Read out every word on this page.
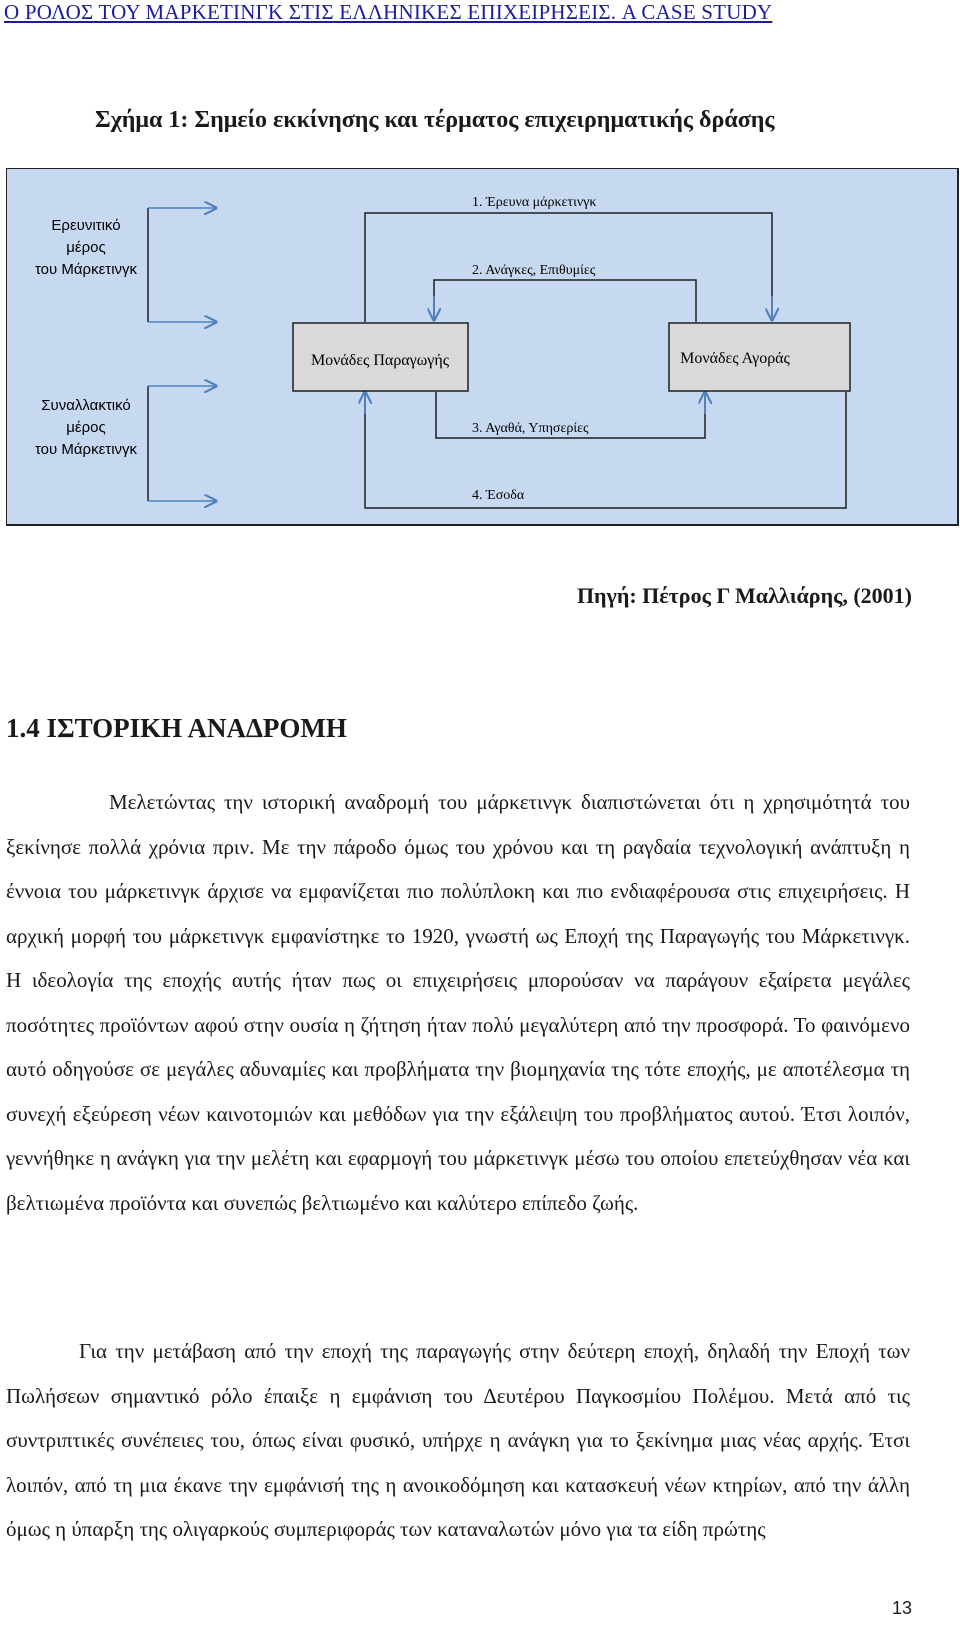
Ο ΡΟΛΟΣ ΤΟΥ ΜΑΡΚΕΤΙΝΓΚ ΣΤΙΣ ΕΛΛΗΝΙΚΕΣ ΕΠΙΧΕΙΡΗΣΕΙΣ. A CASE STUDY
Σχήμα 1: Σημείο εκκίνησης και τέρματος επιχειρηματικής δράσης
Ερευνιτικό
μέρος
του Μάρκετινγκ
Συναλλακτικό
μέρος
του Μάρκετινγκ
Μονάδες Παραγωγής	Μονάδες Αγοράς
1. Έρευνα μάρκετινγκ
2. Ανάγκες, Επιθυμίες
3. Αγαθά, Υπησερίες
4. Έσοδα
Πηγή: Πέτρος Γ Μαλλιάρης, (2001)
1.4 ΙΣΤΟΡΙΚΗ ΑΝΑΔΡΟΜΗ

Μελετώντας την ιστορική αναδρομή του μάρκετινγκ διαπιστώνεται ότι η χρησιμότητά του ξεκίνησε πολλά χρόνια πριν. Με την πάροδο όμως του χρόνου και τη ραγδαία τεχνολογική ανάπτυξη η έννοια του μάρκετινγκ άρχισε να εμφανίζεται πιο πολύπλοκη και πιο ενδιαφέρουσα στις επιχειρήσεις. Η αρχική μορφή του μάρκετινγκ εμφανίστηκε το 1920, γνωστή ως Εποχή της Παραγωγής του Μάρκετινγκ. Η ιδεολογία της εποχής αυτής ήταν πως οι επιχειρήσεις μπορούσαν να παράγουν εξαίρετα μεγάλες ποσότητες προϊόντων αφού στην ουσία η ζήτηση ήταν πολύ μεγαλύτερη από την προσφορά. Το φαινόμενο αυτό οδηγούσε σε μεγάλες αδυναμίες και προβλήματα την βιομηχανία της τότε εποχής, με αποτέλεσμα τη συνεχή εξεύρεση νέων καινοτομιών και μεθόδων για την εξάλειψη του προβλήματος αυτού. Έτσι λοιπόν, γεννήθηκε η ανάγκη για την μελέτη και εφαρμογή του μάρκετινγκ μέσω του οποίου επετεύχθησαν νέα και βελτιωμένα προϊόντα και συνεπώς βελτιωμένο και καλύτερο επίπεδο ζωής.

Για την μετάβαση από την εποχή της παραγωγής στην δεύτερη εποχή, δηλαδή την Εποχή των Πωλήσεων σημαντικό ρόλο έπαιξε η εμφάνιση του Δευτέρου Παγκοσμίου Πολέμου. Μετά από τις συντριπτικές συνέπειες του, όπως είναι φυσικό, υπήρχε η ανάγκη για το ξεκίνημα μιας νέας αρχής. Έτσι λοιπόν, από τη μια έκανε την εμφάνισή της η ανοικοδόμηση και κατασκευή νέων κτηρίων, από την άλλη όμως η ύπαρξη της ολιγαρκούς συμπεριφοράς των καταναλωτών μόνο για τα είδη πρώτης

13
